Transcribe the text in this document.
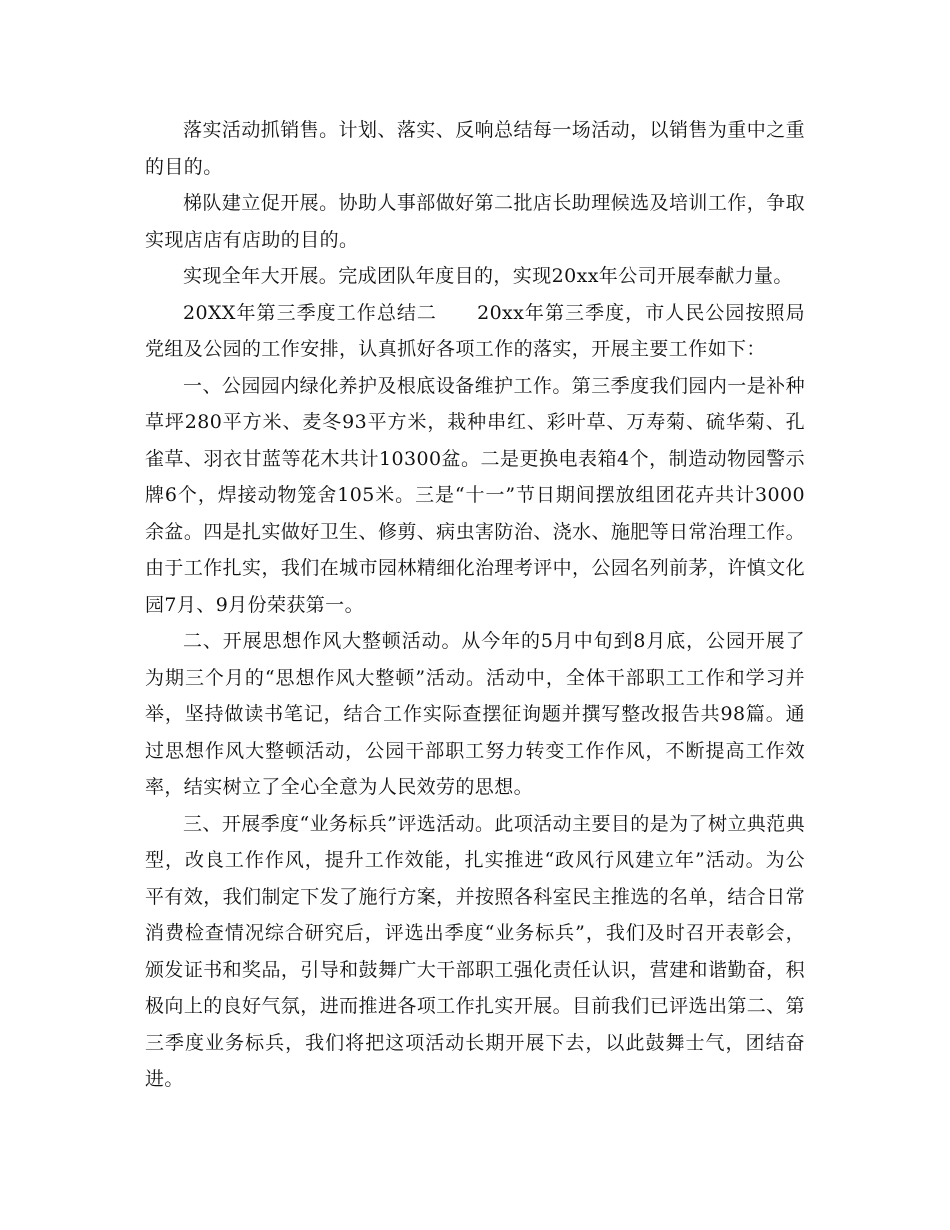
落实活动抓销售。计划、落实、反响总结每一场活动，以销售为重中之重的目的。

梯队建立促开展。协助人事部做好第二批店长助理候选及培训工作，争取实现店店有店助的目的。

实现全年大开展。完成团队年度目的，实现20xx年公司开展奉献力量。

20XX年第三季度工作总结二　　20xx年第三季度，市人民公园按照局党组及公园的工作安排，认真抓好各项工作的落实，开展主要工作如下：

一、公园园内绿化养护及根底设备维护工作。第三季度我们园内一是补种草坪280平方米、麦冬93平方米，栽种串红、彩叶草、万寿菊、硫华菊、孔雀草、羽衣甘蓝等花木共计10300盆。二是更换电表箱4个，制造动物园警示牌6个，焊接动物笼舍105米。三是“十一”节日期间摆放组团花卉共计3000余盆。四是扎实做好卫生、修剪、病虫害防治、浇水、施肥等日常治理工作。由于工作扎实，我们在城市园林精细化治理考评中，公园名列前茅，许慎文化园7月、9月份荣获第一。

二、开展思想作风大整顿活动。从今年的5月中旬到8月底，公园开展了为期三个月的“思想作风大整顿”活动。活动中，全体干部职工工作和学习并举，坚持做读书笔记，结合工作实际查摆征询题并撰写整改报告共98篇。通过思想作风大整顿活动，公园干部职工努力转变工作作风，不断提高工作效率，结实树立了全心全意为人民效劳的思想。

三、开展季度“业务标兵”评选活动。此项活动主要目的是为了树立典范典型，改良工作作风，提升工作效能，扎实推进“政风行风建立年”活动。为公平有效，我们制定下发了施行方案，并按照各科室民主推选的名单，结合日常消费检查情况综合研究后，评选出季度“业务标兵”，我们及时召开表彰会，颁发证书和奖品，引导和鼓舞广大干部职工强化责任认识，营建和谐勤奋，积极向上的良好气氛，进而推进各项工作扎实开展。目前我们已评选出第二、第三季度业务标兵，我们将把这项活动长期开展下去，以此鼓舞士气，团结奋进。
